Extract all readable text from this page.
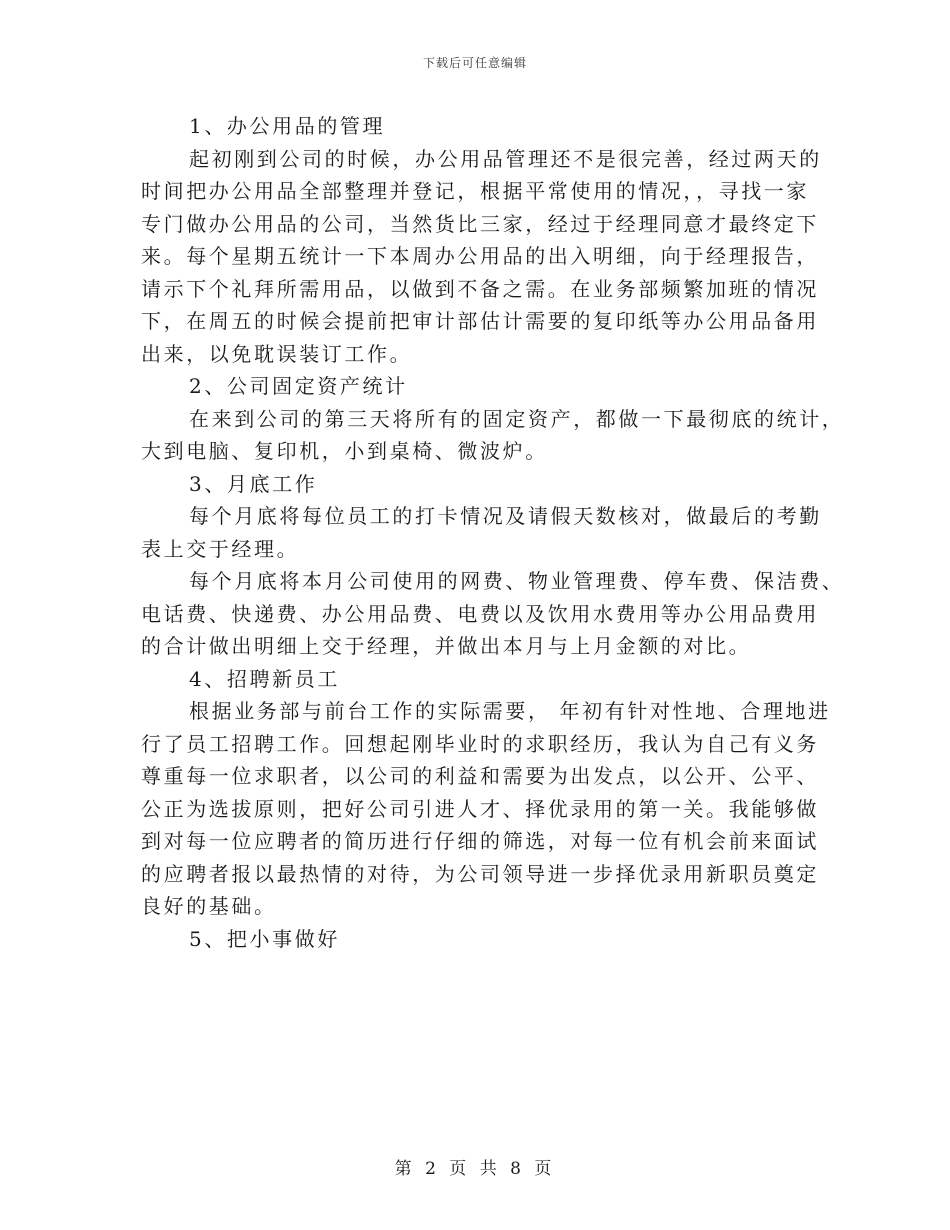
下载后可任意编辑

1、办公用品的管理

起初刚到公司的时候，办公用品管理还不是很完善，经过两天的

时间把办公用品全部整理并登记，根据平常使用的情况，，寻找一家

专门做办公用品的公司，当然货比三家，经过于经理同意才最终定下

来。每个星期五统计一下本周办公用品的出入明细，向于经理报告，

请示下个礼拜所需用品，以做到不备之需。在业务部频繁加班的情况

下，在周五的时候会提前把审计部估计需要的复印纸等办公用品备用

出来，以免耽误装订工作。

2、公司固定资产统计

在来到公司的第三天将所有的固定资产，都做一下最彻底的统计，

大到电脑、复印机，小到桌椅、微波炉。

3、月底工作

每个月底将每位员工的打卡情况及请假天数核对，做最后的考勤

表上交于经理。

每个月底将本月公司使用的网费、物业管理费、停车费、保洁费、

电话费、快递费、办公用品费、电费以及饮用水费用等办公用品费用

的合计做出明细上交于经理，并做出本月与上月金额的对比。

4、招聘新员工

根据业务部与前台工作的实际需要， 年初有针对性地、合理地进

行了员工招聘工作。回想起刚毕业时的求职经历，我认为自己有义务

尊重每一位求职者，以公司的利益和需要为出发点，以公开、公平、

公正为选拔原则，把好公司引进人才、择优录用的第一关。我能够做

到对每一位应聘者的简历进行仔细的筛选，对每一位有机会前来面试

的应聘者报以最热情的对待，为公司领导进一步择优录用新职员奠定

良好的基础。

5、把小事做好

第 2 页 共 8 页
